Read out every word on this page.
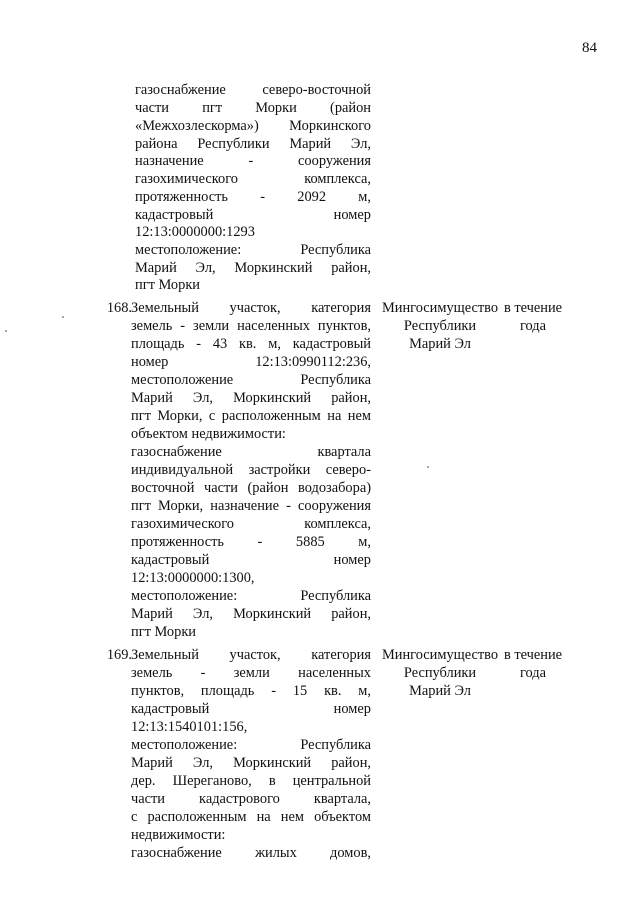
84
газоснабжение северо-восточной
части пгт Морки (район
«Межхозлескорма») Моркинского
района Республики Марий Эл,
назначение - сооружения
газохимического комплекса,
протяженность - 2092 м,
кадастровый номер
12:13:0000000:1293
местоположение: Республика
Марий Эл, Моркинский район,
пгт Морки
168.	Мингосимущество
Республики
Марий Эл
в течение
года
Земельный участок, категория
земель - земли населенных пунктов,
площадь - 43 кв. м, кадастровый
номер 12:13:0990112:236,
местоположение Республика
Марий Эл, Моркинский район,
пгт Морки, с расположенным на нем
объектом недвижимости:
газоснабжение квартала
индивидуальной застройки северо-
восточной части (район водозабора)
пгт Морки, назначение - сооружения
газохимического комплекса,
протяженность - 5885 м,
кадастровый номер
12:13:0000000:1300,
местоположение: Республика
Марий Эл, Моркинский район,
пгт Морки
169.	Мингосимущество
Республики
Марий Эл
в течение
года
Земельный участок, категория
земель - земли населенных
пунктов, площадь - 15 кв. м,
кадастровый номер
12:13:1540101:156,
местоположение: Республика
Марий Эл, Моркинский район,
дер. Шереганово, в центральной
части кадастрового квартала,
с расположенным на нем объектом
недвижимости:
газоснабжение жилых домов,
